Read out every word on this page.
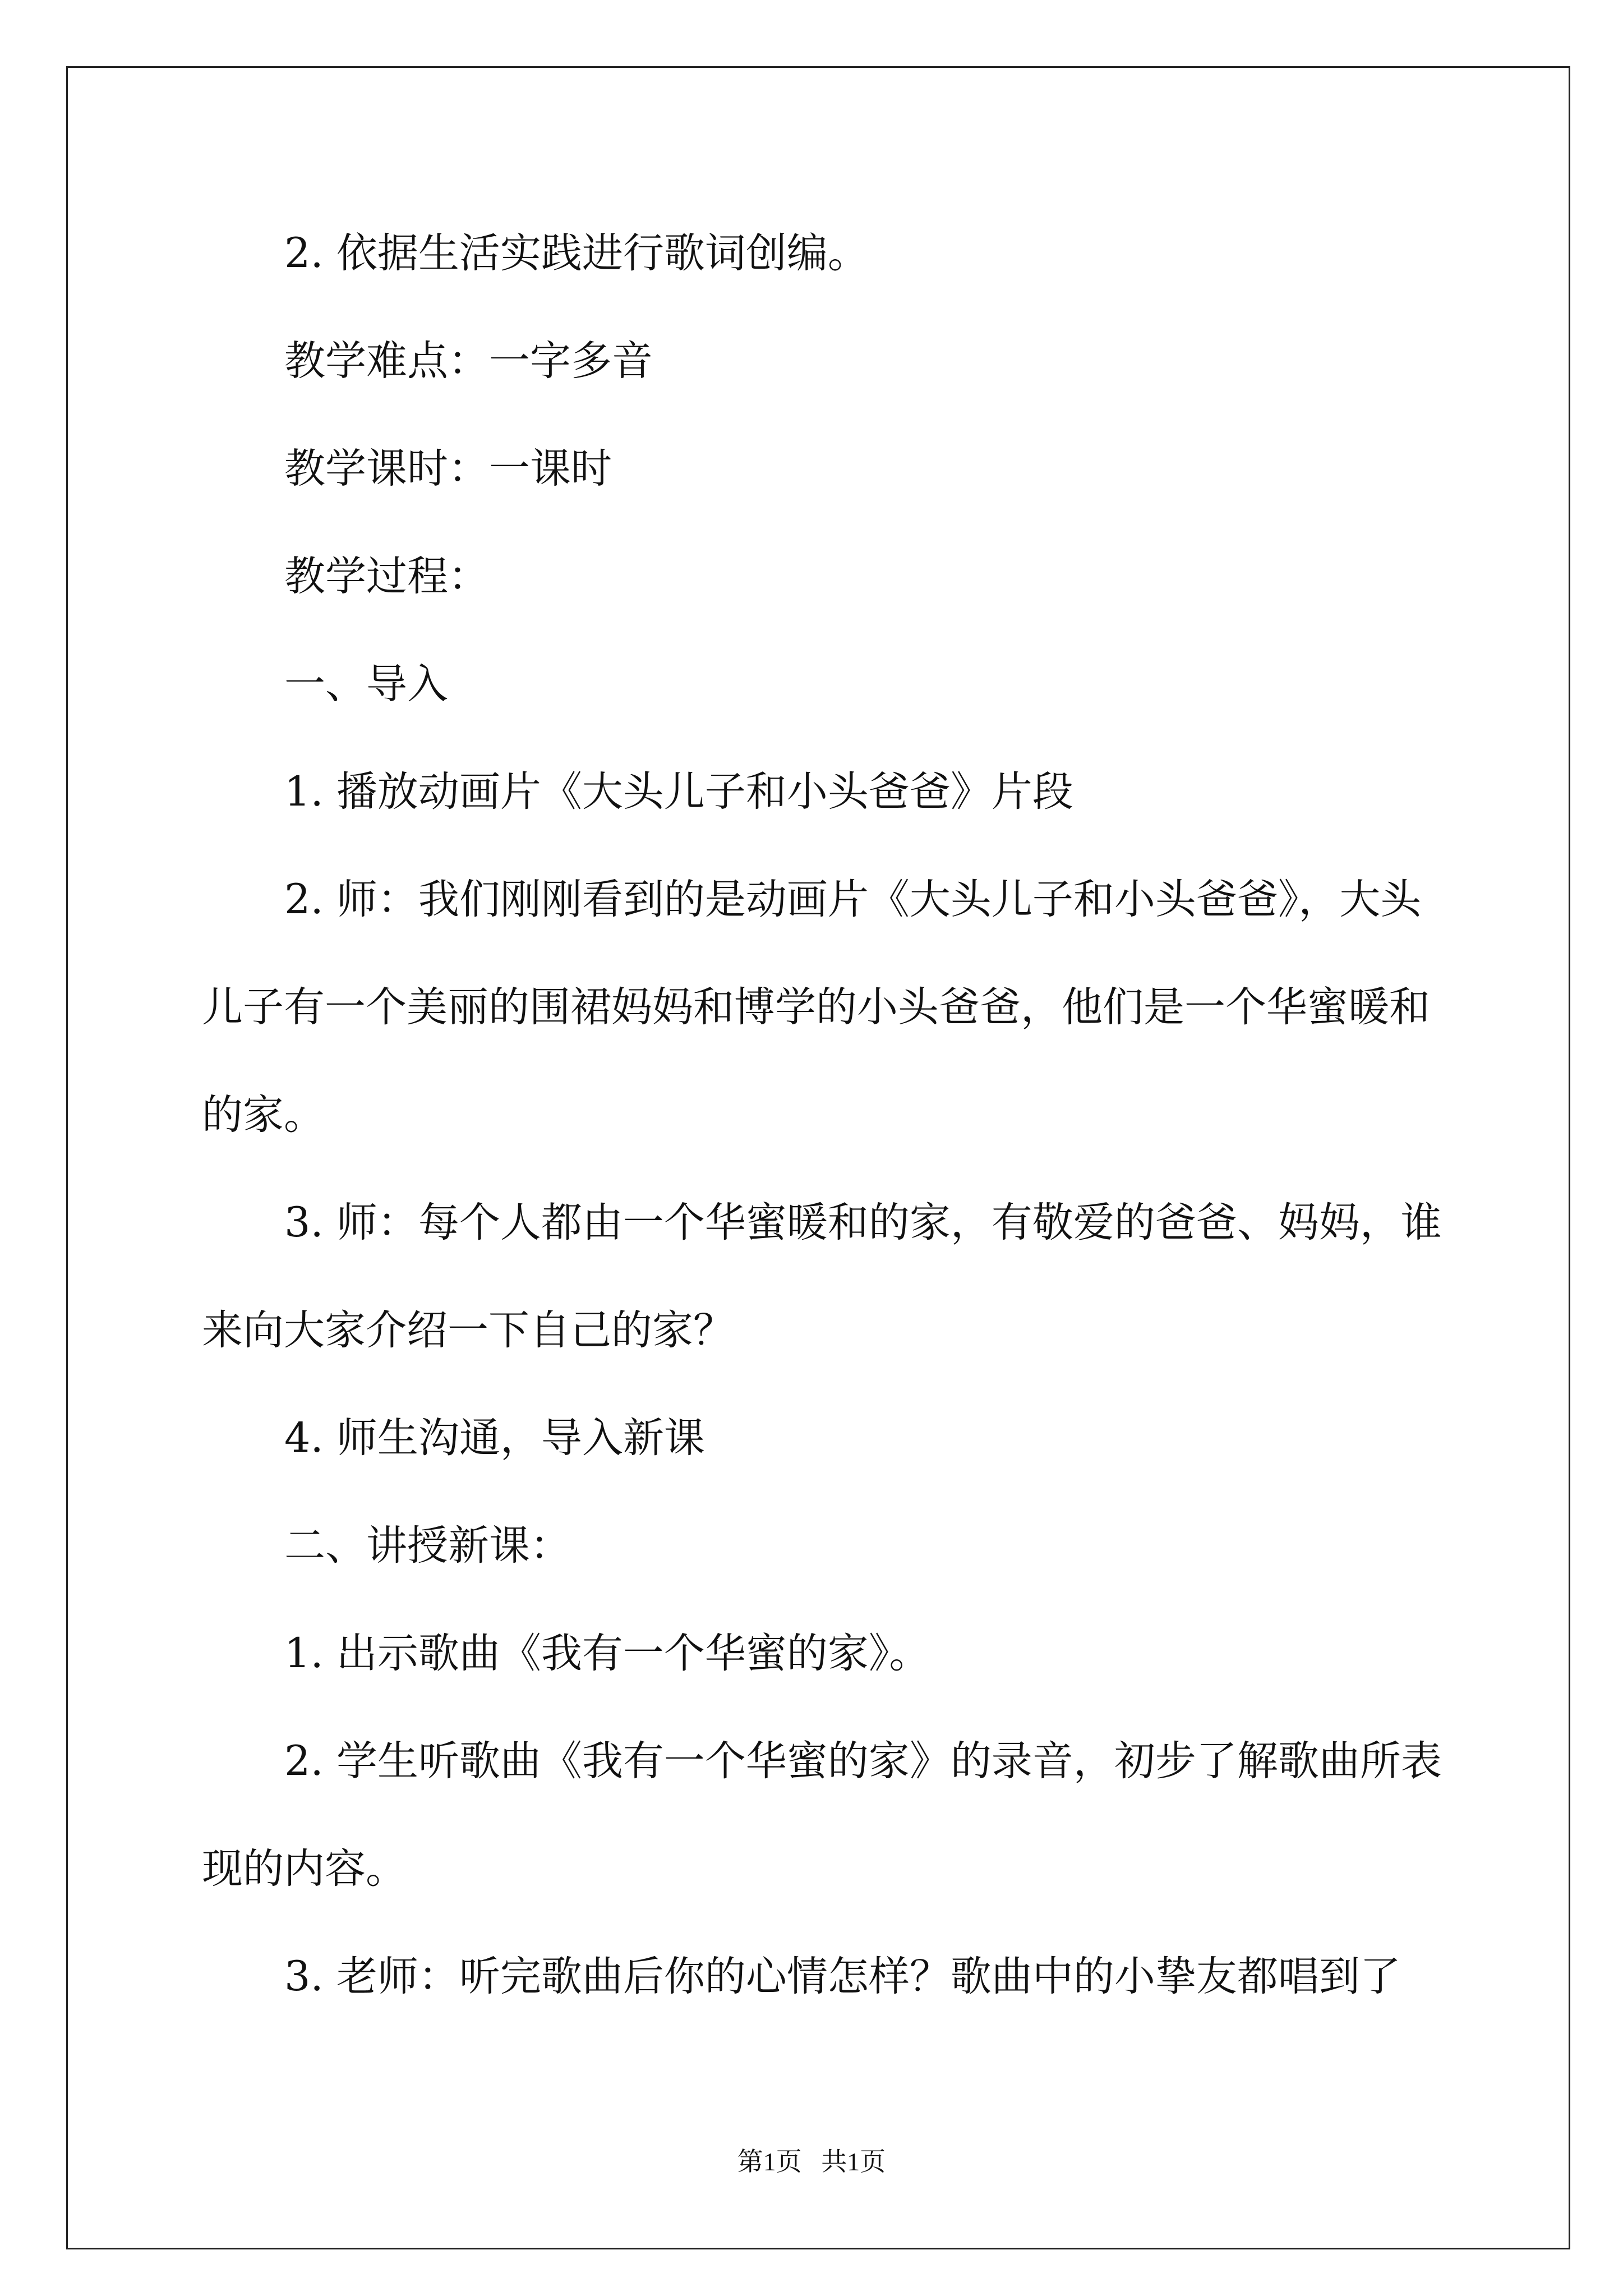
2. 依据生活实践进行歌词创编。
教学难点：一字多音
教学课时：一课时
教学过程：
一、导入
1. 播放动画片《大头儿子和小头爸爸》片段
2. 师：我们刚刚看到的是动画片《大头儿子和小头爸爸》，大头
儿子有一个美丽的围裙妈妈和博学的小头爸爸，他们是一个华蜜暖和
的家。
3. 师：每个人都由一个华蜜暖和的家，有敬爱的爸爸、妈妈，谁
来向大家介绍一下自己的家？
4. 师生沟通，导入新课
二、讲授新课：
1. 出示歌曲《我有一个华蜜的家》。
2. 学生听歌曲《我有一个华蜜的家》的录音，初步了解歌曲所表
现的内容。
3. 老师：听完歌曲后你的心情怎样？歌曲中的小挚友都唱到了
第1页   共1页
